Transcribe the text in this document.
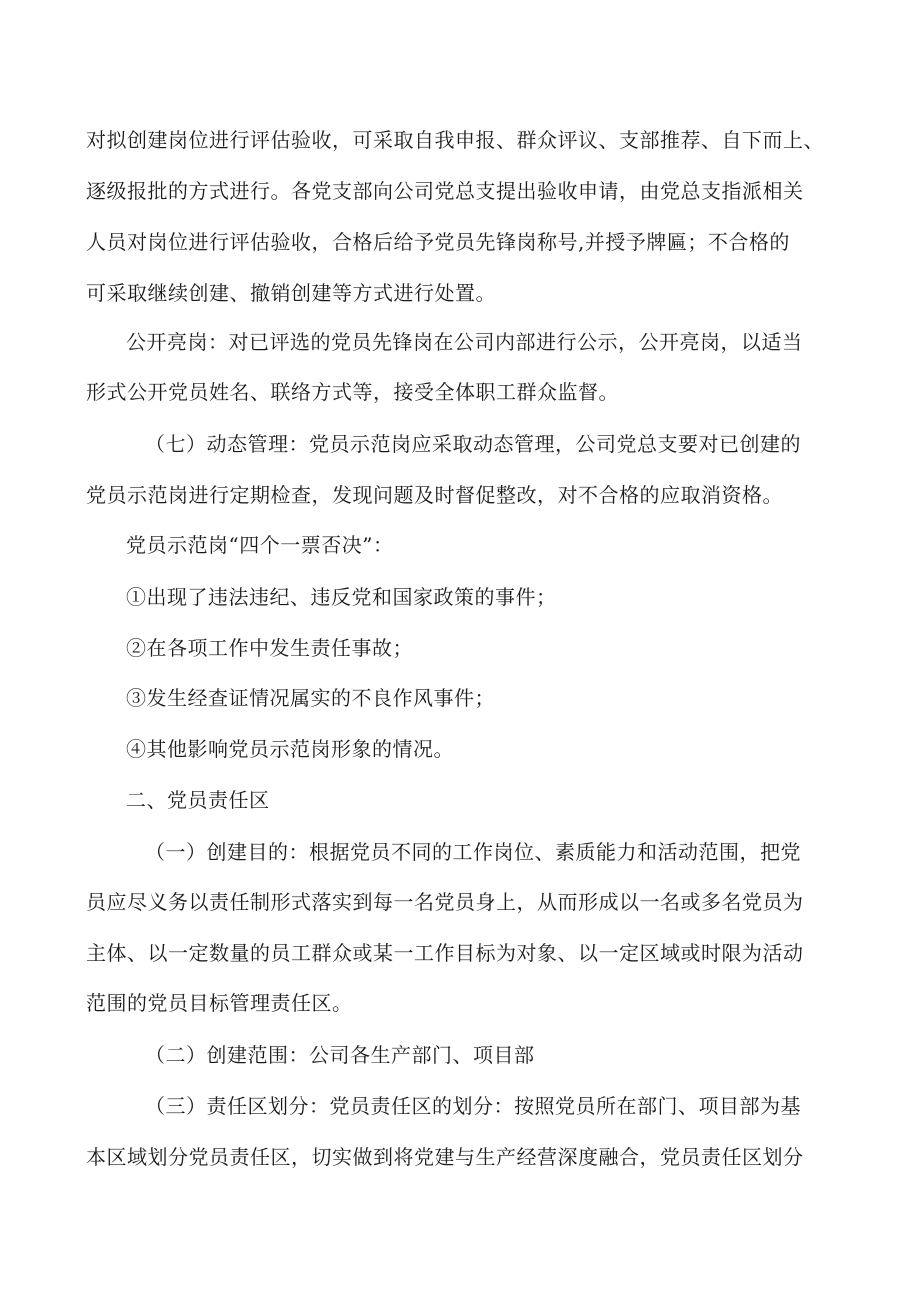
对拟创建岗位进行评估验收，可采取自我申报、群众评议、支部推荐、自下而上、
逐级报批的方式进行。各党支部向公司党总支提出验收申请，由党总支指派相关
人员对岗位进行评估验收，合格后给予党员先锋岗称号,并授予牌匾；不合格的
可采取继续创建、撤销创建等方式进行处置。
公开亮岗：对已评选的党员先锋岗在公司内部进行公示，公开亮岗，以适当
形式公开党员姓名、联络方式等，接受全体职工群众监督。
（七）动态管理：党员示范岗应采取动态管理，公司党总支要对已创建的
党员示范岗进行定期检查，发现问题及时督促整改，对不合格的应取消资格。
党员示范岗“四个一票否决”：
①出现了违法违纪、违反党和国家政策的事件；
②在各项工作中发生责任事故；
③发生经查证情况属实的不良作风事件；
④其他影响党员示范岗形象的情况。
二、党员责任区
（一）创建目的：根据党员不同的工作岗位、素质能力和活动范围，把党
员应尽义务以责任制形式落实到每一名党员身上，从而形成以一名或多名党员为
主体、以一定数量的员工群众或某一工作目标为对象、以一定区域或时限为活动
范围的党员目标管理责任区。
（二）创建范围：公司各生产部门、项目部
（三）责任区划分：党员责任区的划分：按照党员所在部门、项目部为基
本区域划分党员责任区，切实做到将党建与生产经营深度融合，党员责任区划分
